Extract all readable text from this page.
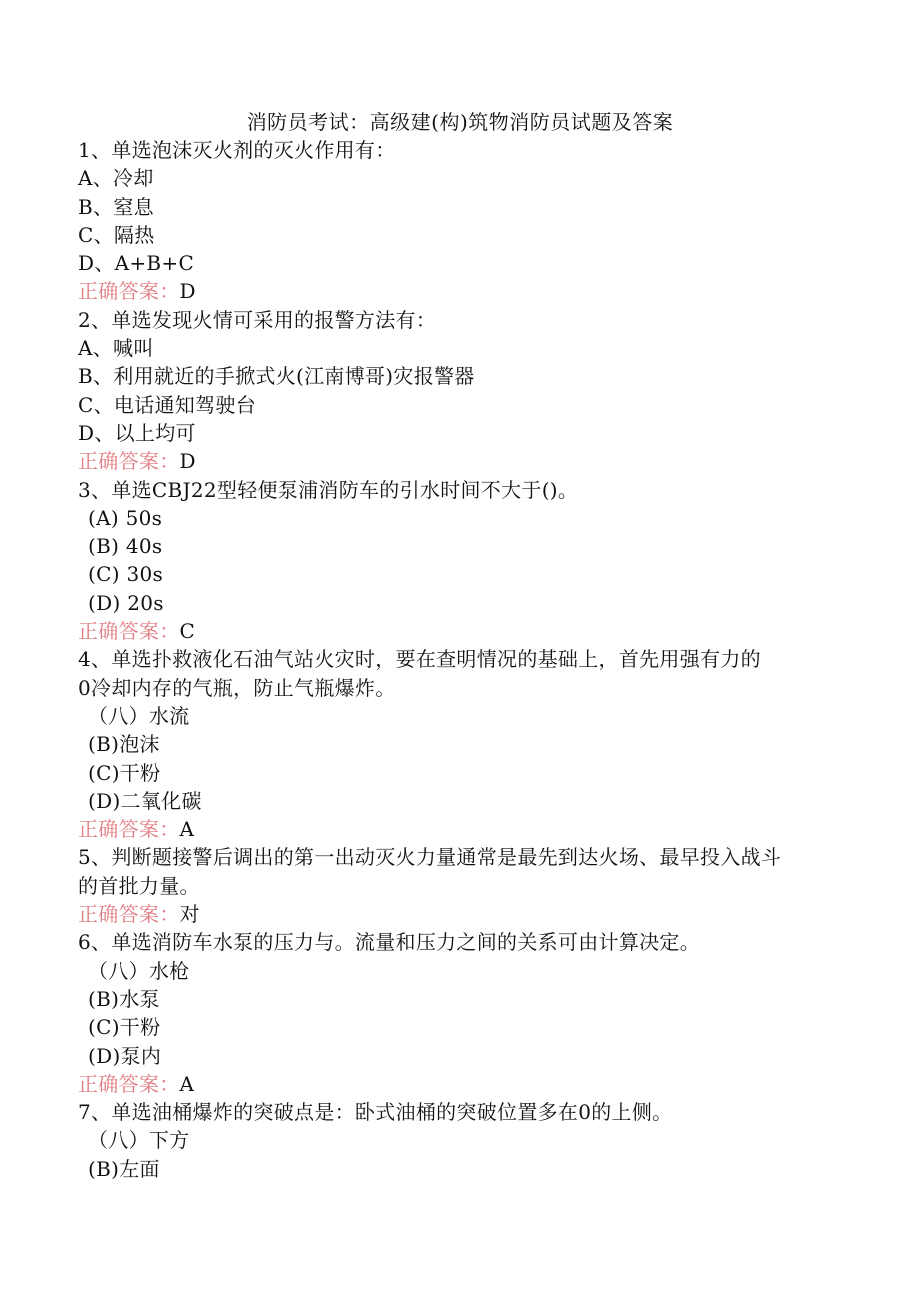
消防员考试：高级建(构)筑物消防员试题及答案
1、单选泡沫灭火剂的灭火作用有：
A、冷却
B、窒息
C、隔热
D、A+B+C
正确答案：D
2、单选发现火情可采用的报警方法有：
A、喊叫
B、利用就近的手掀式火(江南博哥)灾报警器
C、电话通知驾驶台
D、以上均可
正确答案：D
3、单选CBJ22型轻便泵浦消防车的引水时间不大于()。
(A) 50s
(B) 40s
(C) 30s
(D) 20s
正确答案：C
4、单选扑救液化石油气站火灾时，要在查明情况的基础上，首先用强有力的
0冷却内存的气瓶，防止气瓶爆炸。
（八）水流
(B)泡沫
(C)干粉
(D)二氧化碳
正确答案：A
5、判断题接警后调出的第一出动灭火力量通常是最先到达火场、最早投入战斗
的首批力量。
正确答案：对
6、单选消防车水泵的压力与。流量和压力之间的关系可由计算决定。
（八）水枪
(B)水泵
(C)干粉
(D)泵内
正确答案：A
7、单选油桶爆炸的突破点是：卧式油桶的突破位置多在0的上侧。
（八）下方
(B)左面
